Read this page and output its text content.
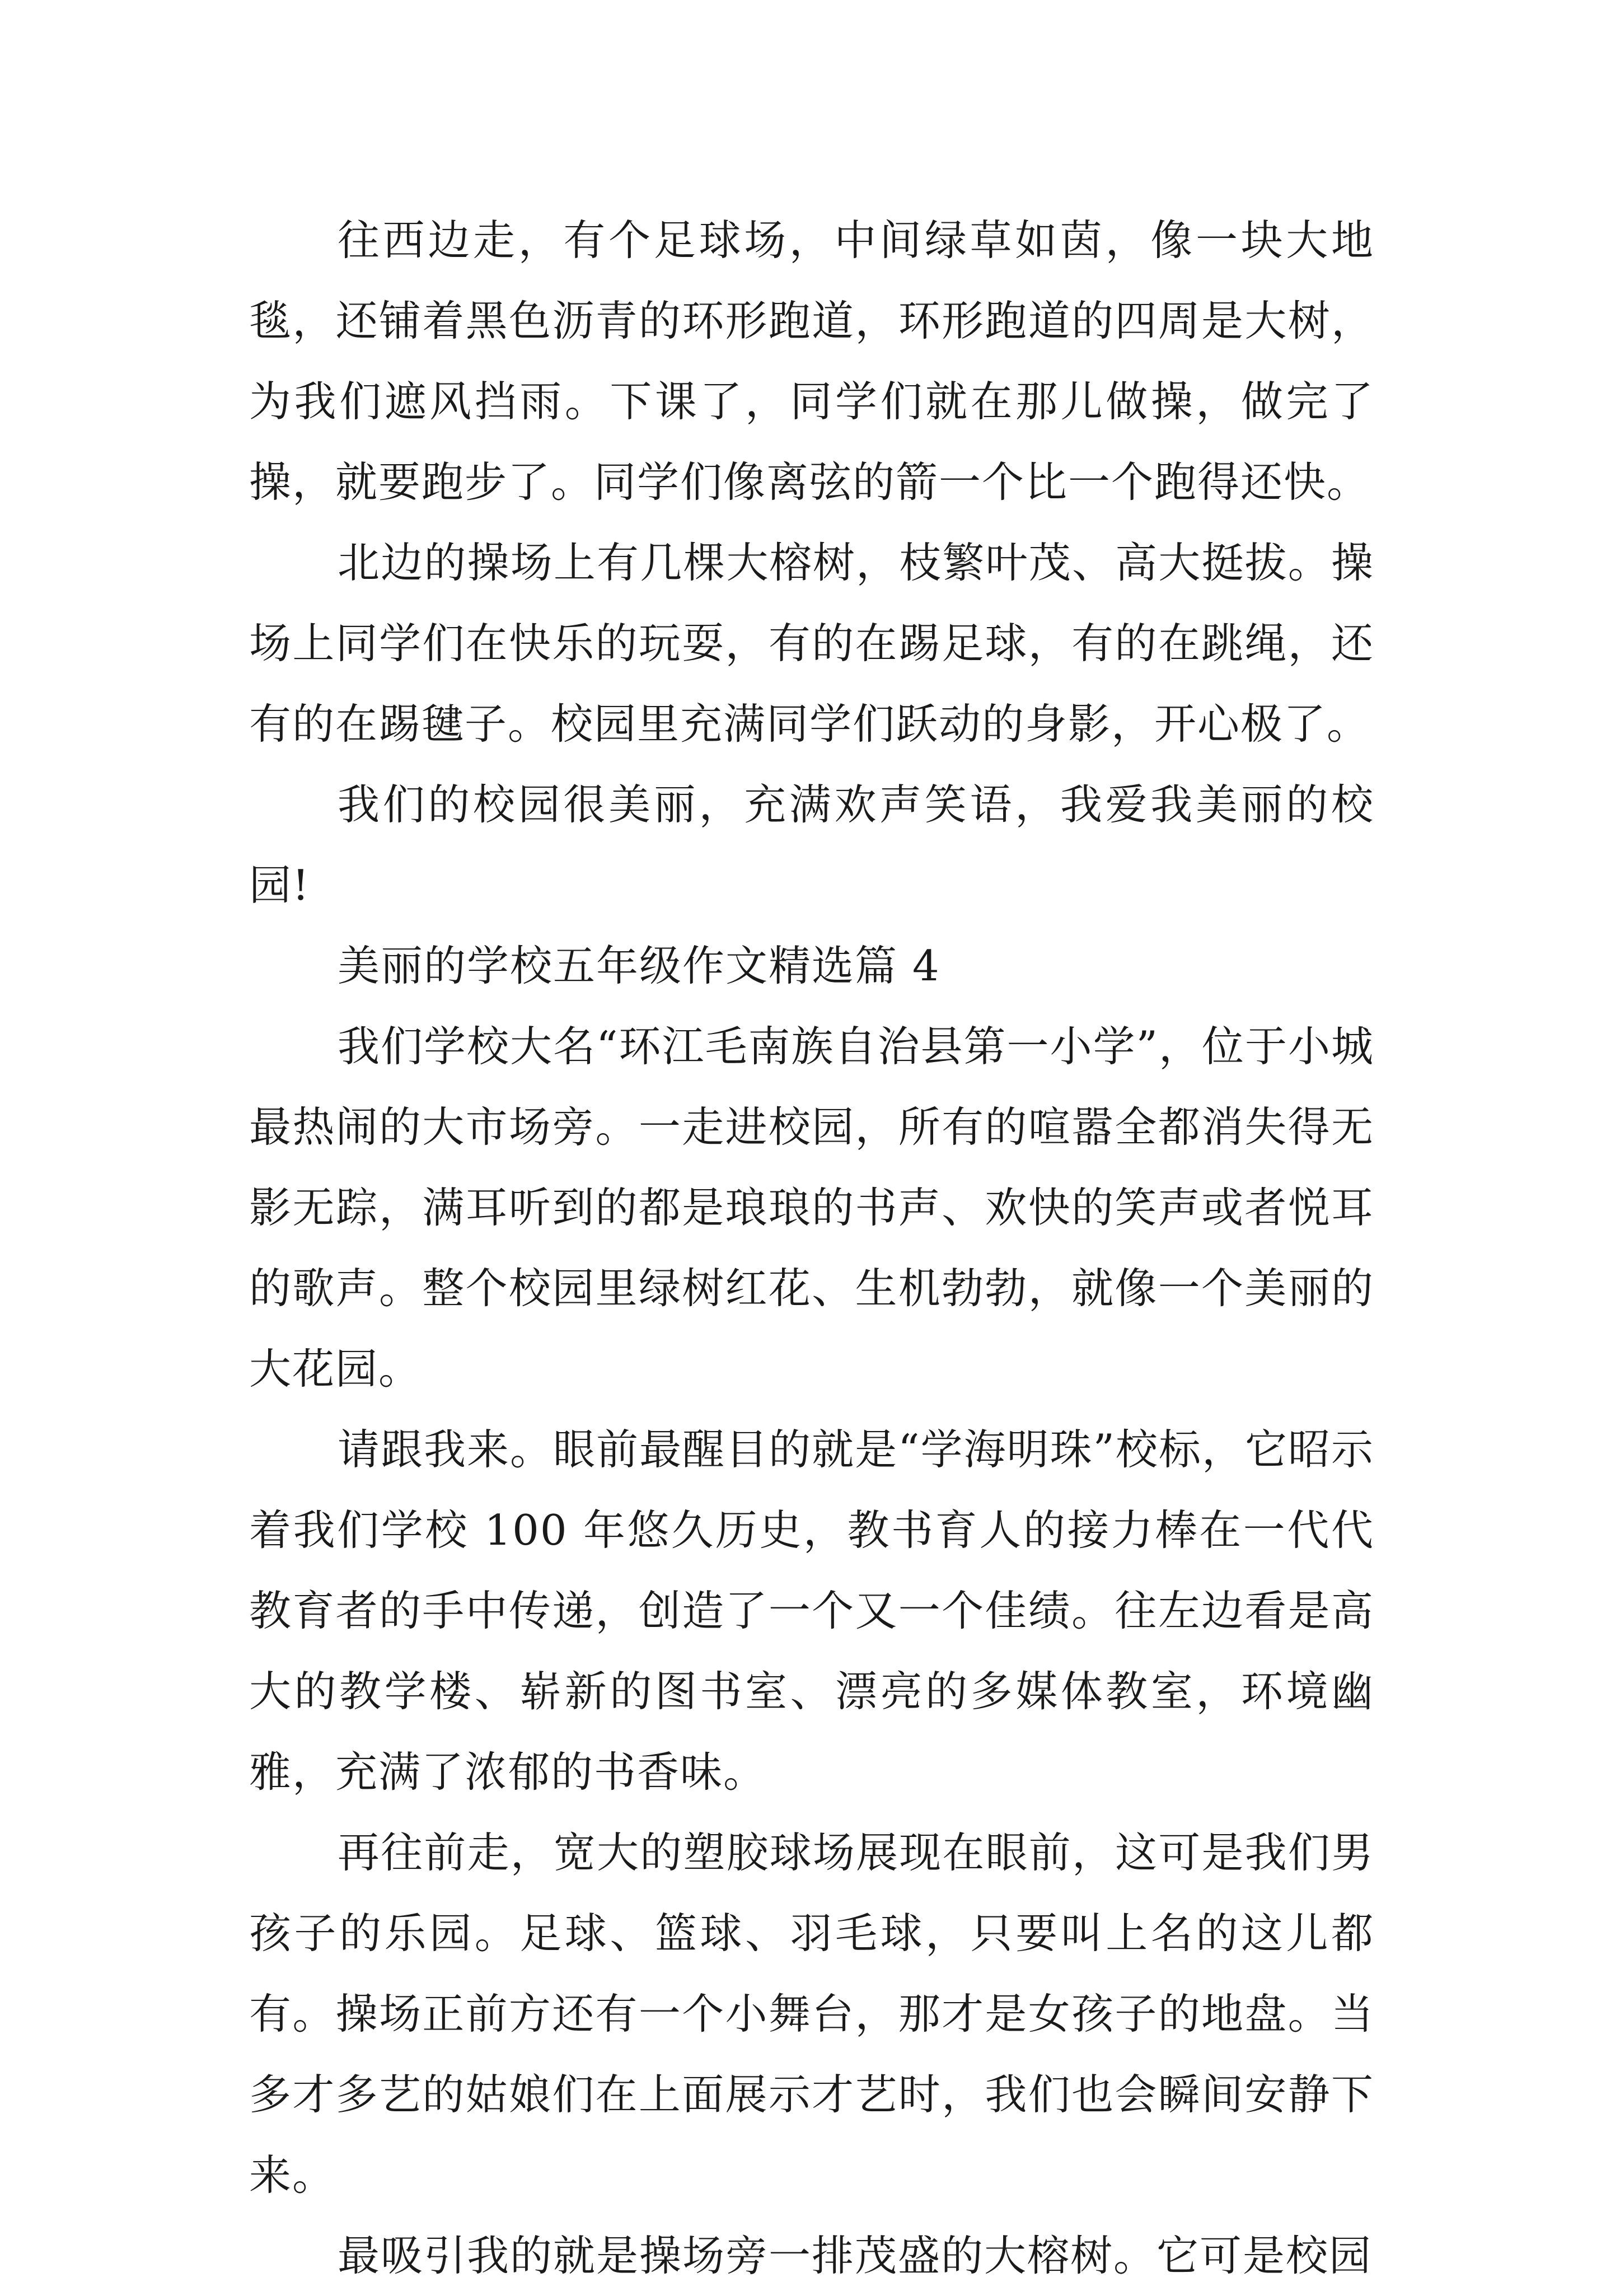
往西边走，有个足球场，中间绿草如茵，像一块大地毯，还铺着黑色沥青的环形跑道，环形跑道的四周是大树，为我们遮风挡雨。下课了，同学们就在那儿做操，做完了操，就要跑步了。同学们像离弦的箭一个比一个跑得还快。

北边的操场上有几棵大榕树，枝繁叶茂、高大挺拔。操场上同学们在快乐的玩耍，有的在踢足球，有的在跳绳，还有的在踢毽子。校园里充满同学们跃动的身影，开心极了。

我们的校园很美丽，充满欢声笑语，我爱我美丽的校园!

美丽的学校五年级作文精选篇 4

我们学校大名“环江毛南族自治县第一小学”，位于小城最热闹的大市场旁。一走进校园，所有的喧嚣全都消失得无影无踪，满耳听到的都是琅琅的书声、欢快的笑声或者悦耳的歌声。整个校园里绿树红花、生机勃勃，就像一个美丽的大花园。

请跟我来。眼前最醒目的就是“学海明珠”校标，它昭示着我们学校 100 年悠久历史，教书育人的接力棒在一代代教育者的手中传递，创造了一个又一个佳绩。往左边看是高大的教学楼、崭新的图书室、漂亮的多媒体教室，环境幽雅，充满了浓郁的书香味。

再往前走，宽大的塑胶球场展现在眼前，这可是我们男孩子的乐园。足球、篮球、羽毛球，只要叫上名的这儿都有。操场正前方还有一个小舞台，那才是女孩子的地盘。当多才多艺的姑娘们在上面展示才艺时，我们也会瞬间安静下来。

最吸引我的就是操场旁一排茂盛的大榕树。它可是校园
